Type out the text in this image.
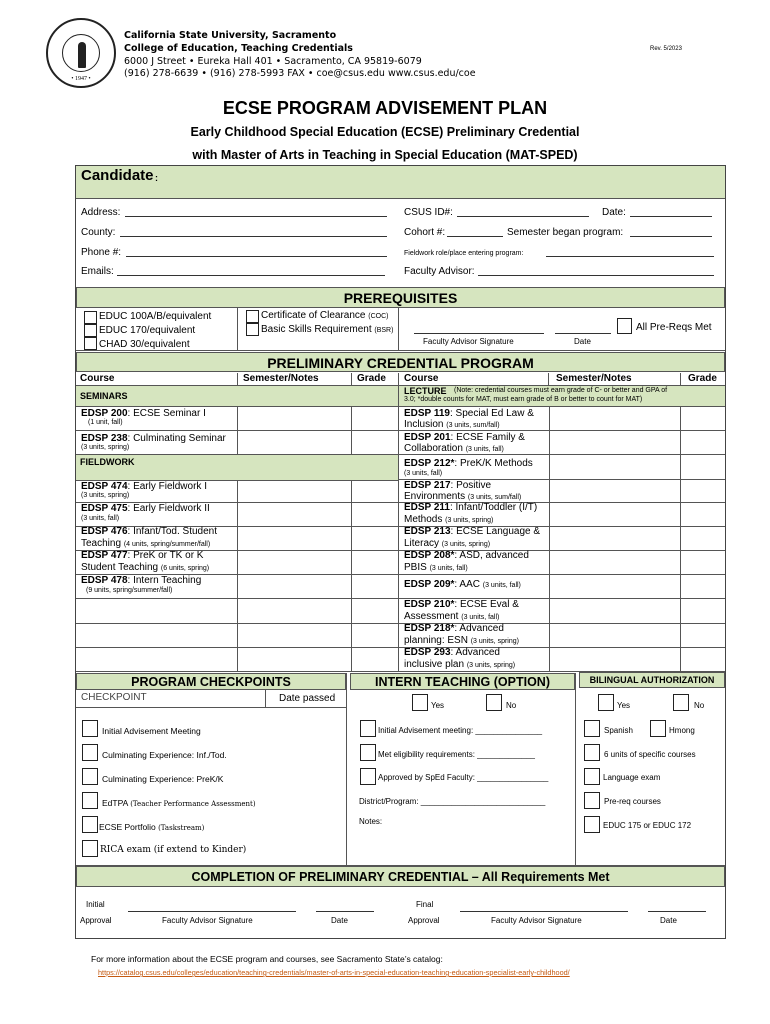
• 1947 •
California State University, Sacramento
College of Education, Teaching Credentials
6000 J Street • Eureka Hall 401 • Sacramento, CA 95819-6079
(916) 278-6639 • (916) 278-5993 FAX • coe@csus.edu www.csus.edu/coe
Rev. 5/2023
ECSE PROGRAM ADVISEMENT PLAN
Early Childhood Special Education (ECSE) Preliminary Credential
with Master of Arts in Teaching in Special Education (MAT-SPED)
Candidate :
Address:
County:
Phone #:
Emails:
CSUS ID#:	Date:
Cohort #:	Semester began program:
Fieldwork role/place entering program:
Faculty Advisor:
PREREQUISITES
EDUC 100A/B/equivalent
EDUC 170/equivalent
CHAD 30/equivalent
Certificate of Clearance (COC)
Basic Skills Requirement (BSR)
Faculty Advisor Signature	Date
All Pre-Reqs Met
PRELIMINARY CREDENTIAL PROGRAM
Course	Semester/Notes	Grade Course	Semester/Notes	Grade
SEMINARS
FIELDWORK
LECTURE (Note: credential courses must earn grade of C- or better and GPA of
3.0; *double counts for MAT, must earn grade of B or better to count for MAT)
EDSP 200: ECSE Seminar I
(1 unit, fall)
EDSP 238: Culminating Seminar
(3 units, spring)
EDSP 474: Early Fieldwork I
(3 units, spring)
EDSP 475: Early Fieldwork II
(3 units, fall)
EDSP 476: Infant/Tod. Student
Teaching (4 units, spring/summer/fall)
EDSP 477: PreK or TK or K
Student Teaching (6 units, spring)
EDSP 478: Intern Teaching
(9 units, spring/summer/fall)
EDSP 119: Special Ed Law &
Inclusion (3 units, sum/fall)
EDSP 201: ECSE Family &
Collaboration (3 units, fall)
EDSP 212*: PreK/K Methods
(3 units, fall)
EDSP 217: Positive
Environments (3 units, sum/fall)
EDSP 211: Infant/Toddler (I/T)
Methods (3 units, spring)
EDSP 213: ECSE Language &
Literacy (3 units, spring)
EDSP 208*: ASD, advanced
PBIS (3 units, fall)
EDSP 209*: AAC (3 units, fall)
EDSP 210*: ECSE Eval &
Assessment (3 units, fall)
EDSP 218*: Advanced
planning: ESN (3 units, spring)
EDSP 293: Advanced
inclusive plan (3 units, spring)
PROGRAM CHECKPOINTS	INTERN TEACHING (OPTION)	BILINGUAL AUTHORIZATION
CHECKPOINT	Date passed
Initial Advisement Meeting
Culminating Experience: Inf./Tod.
Culminating Experience: PreK/K
EdTPA (Teacher Performance Assessment)
ECSE Portfolio (Taskstream)
RICA exam (if extend to Kinder)
Yes	No
Initial Advisement meeting: _______________
Met eligibility requirements: _____________
Approved by SpEd Faculty: ________________
District/Program: ____________________________
Notes:
Yes	No
Spanish	Hmong
6 units of specific courses
Language exam
Pre-req courses
EDUC 175 or EDUC 172
COMPLETION OF PRELIMINARY CREDENTIAL – All Requirements Met
Initial
Approval	Faculty Advisor Signature	Date
Final
Approval	Faculty Advisor Signature	Date
For more information about the ECSE program and courses, see Sacramento State’s catalog:
https://catalog.csus.edu/colleges/education/teaching-credentials/master-of-arts-in-special-education-teaching-education-specialist-early-childhood/
